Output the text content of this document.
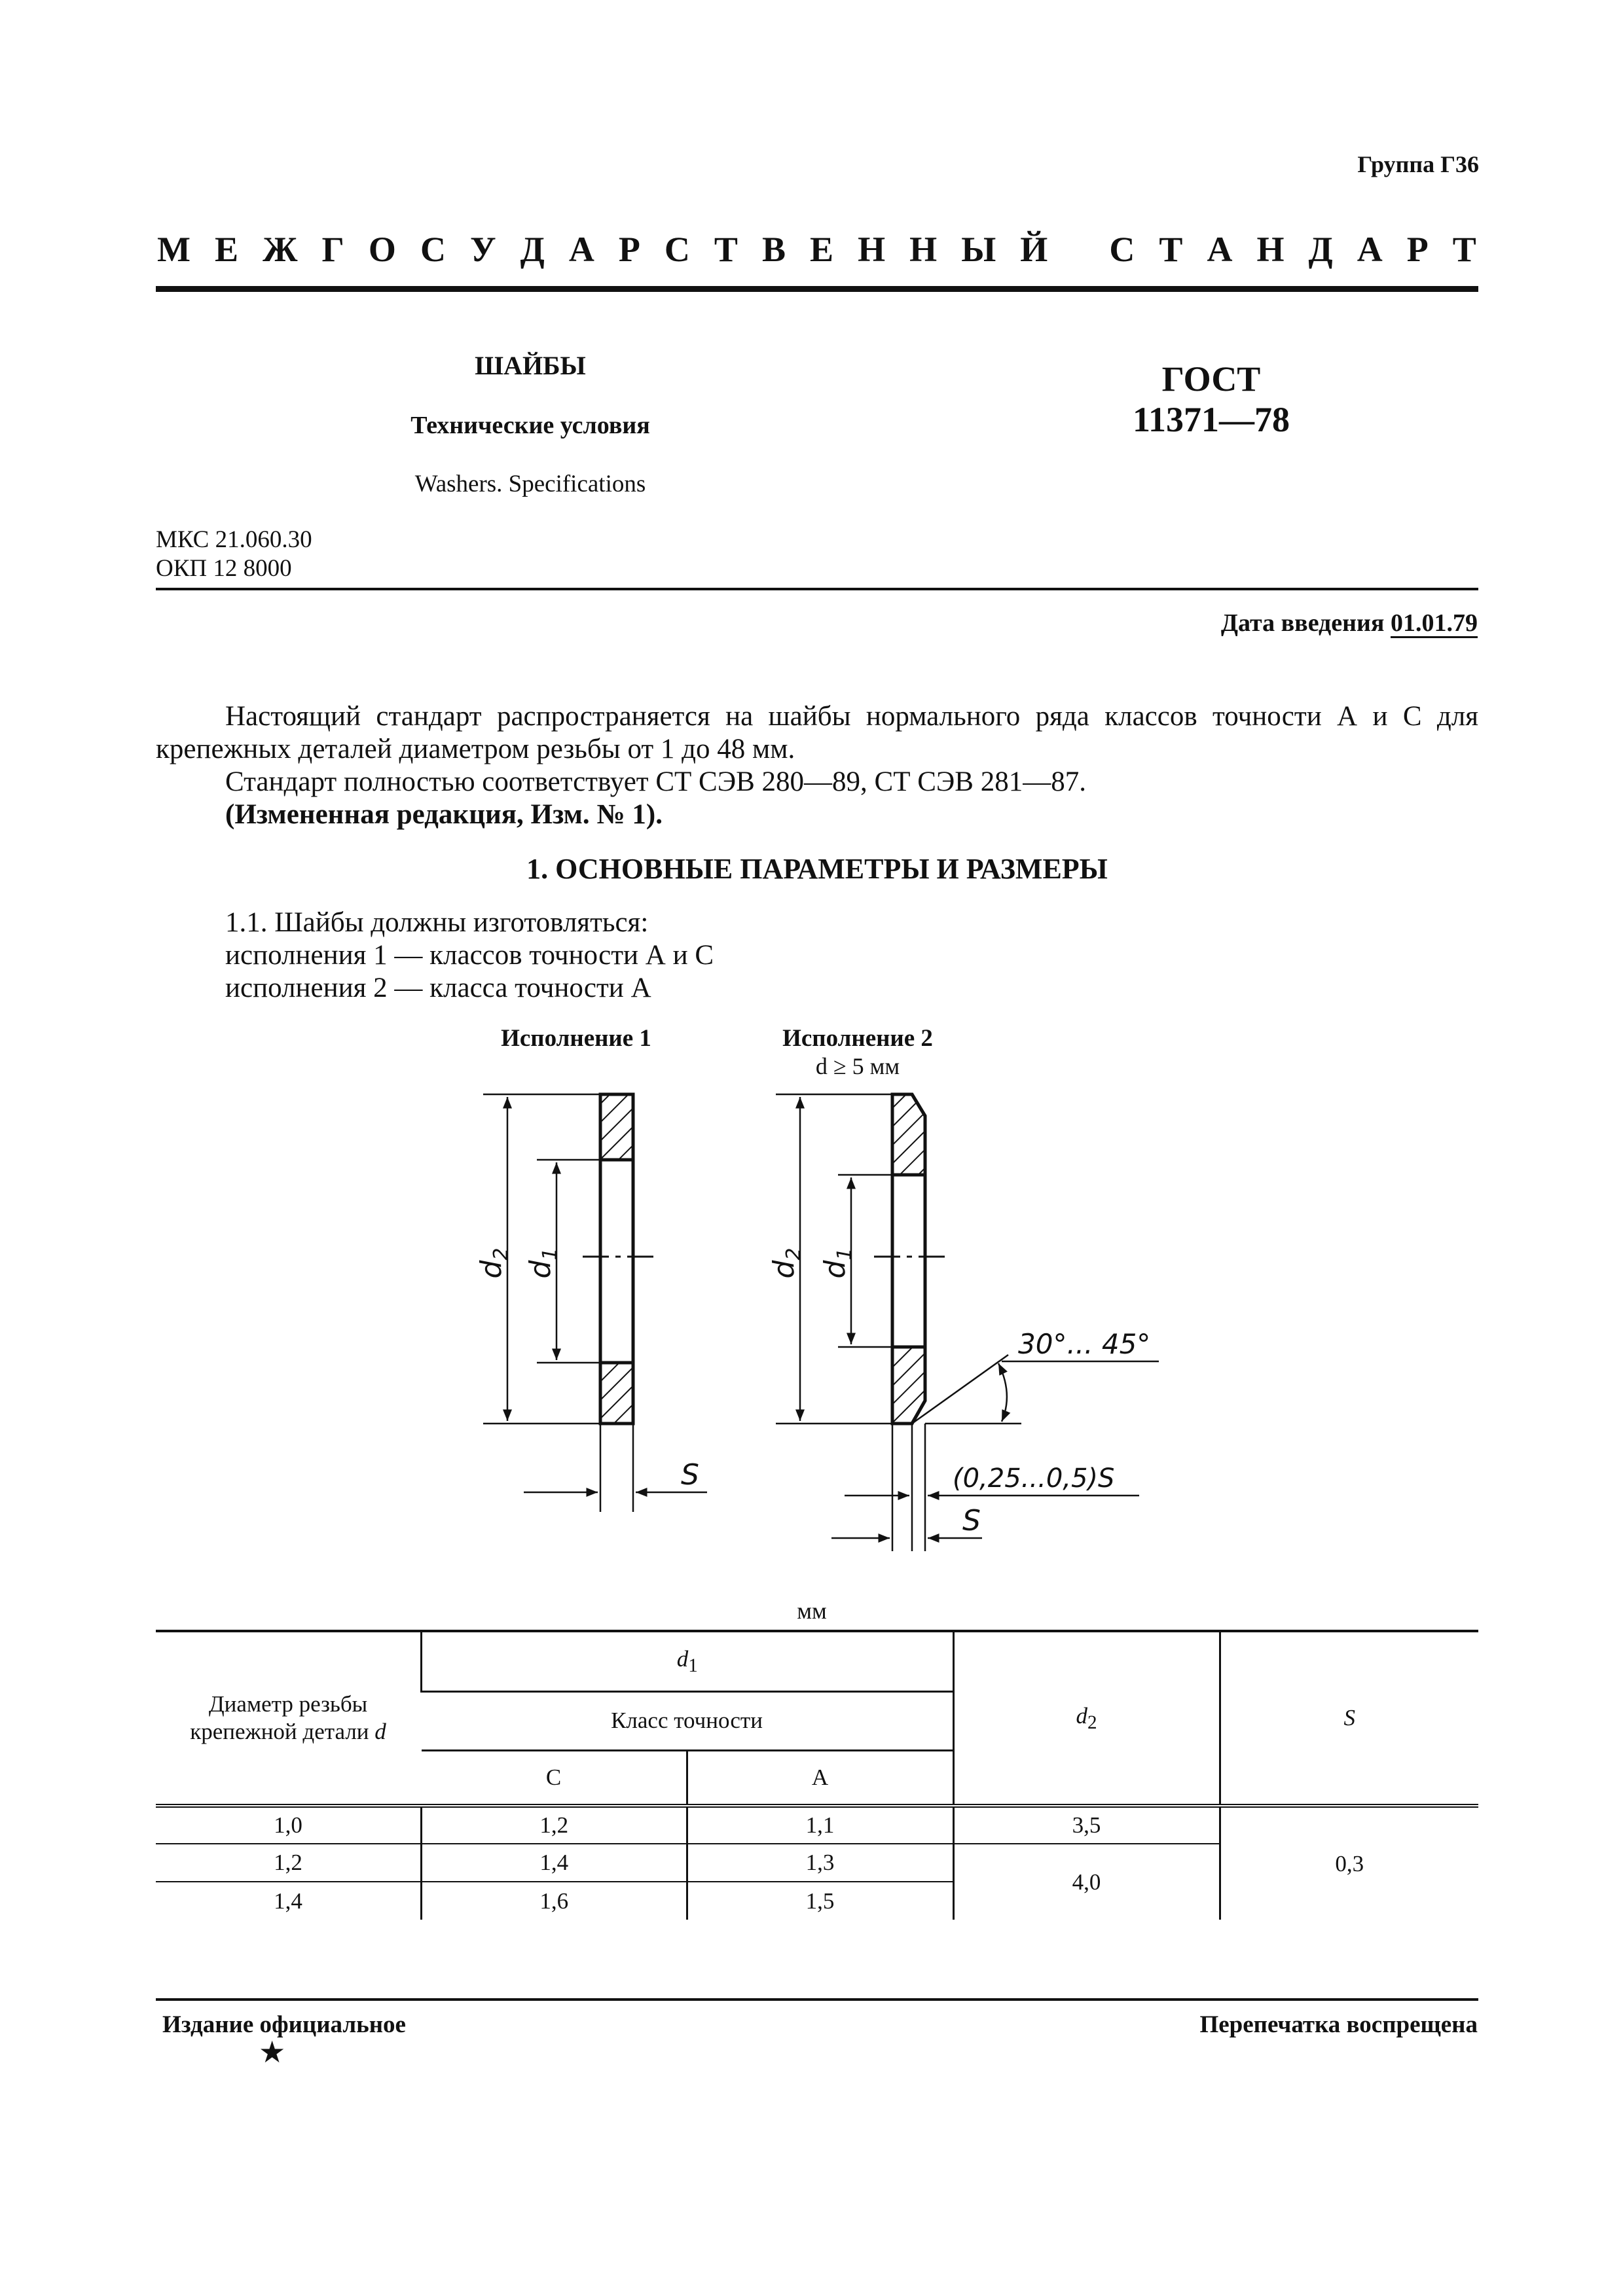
Группа Г36
М Е Ж Г О С У Д А Р С Т В Е Н Н Ы Й С Т А Н Д А Р Т
ШАЙБЫ
Технические условия
Washers. Specifications
ГОСТ
11371—78
МКС 21.060.30
ОКП 12 8000
Дата введения 01.01.79
Настоящий стандарт распространяется на шайбы нормального ряда классов точности А и С для крепежных деталей диаметром резьбы от 1 до 48 мм.
Стандарт полностью соответствует СТ СЭВ 280—89, СТ СЭВ 281—87.
(Измененная редакция, Изм. № 1).
1. ОСНОВНЫЕ ПАРАМЕТРЫ И РАЗМЕРЫ
1.1. Шайбы должны изготовляться:
исполнения 1 — классов точности А и С
исполнения 2 — класса точности А
Исполнение 1	Исполнение 2
d ≥ 5 мм
$d_2$
$d_1$
$d_2$
$d_1$
S
S
30°... 45°
(0,25...0,5)S
мм
Диаметр резьбы крепежной детали d	$d_1$		$d_2$	S
	Класс точности			
	С	А		
1,0	1,2	1,1	3,5	0,3
1,2	1,4	1,3	4,0	
1,4	1,6	1,5		
Издание официальное
★
Перепечатка воспрещена
